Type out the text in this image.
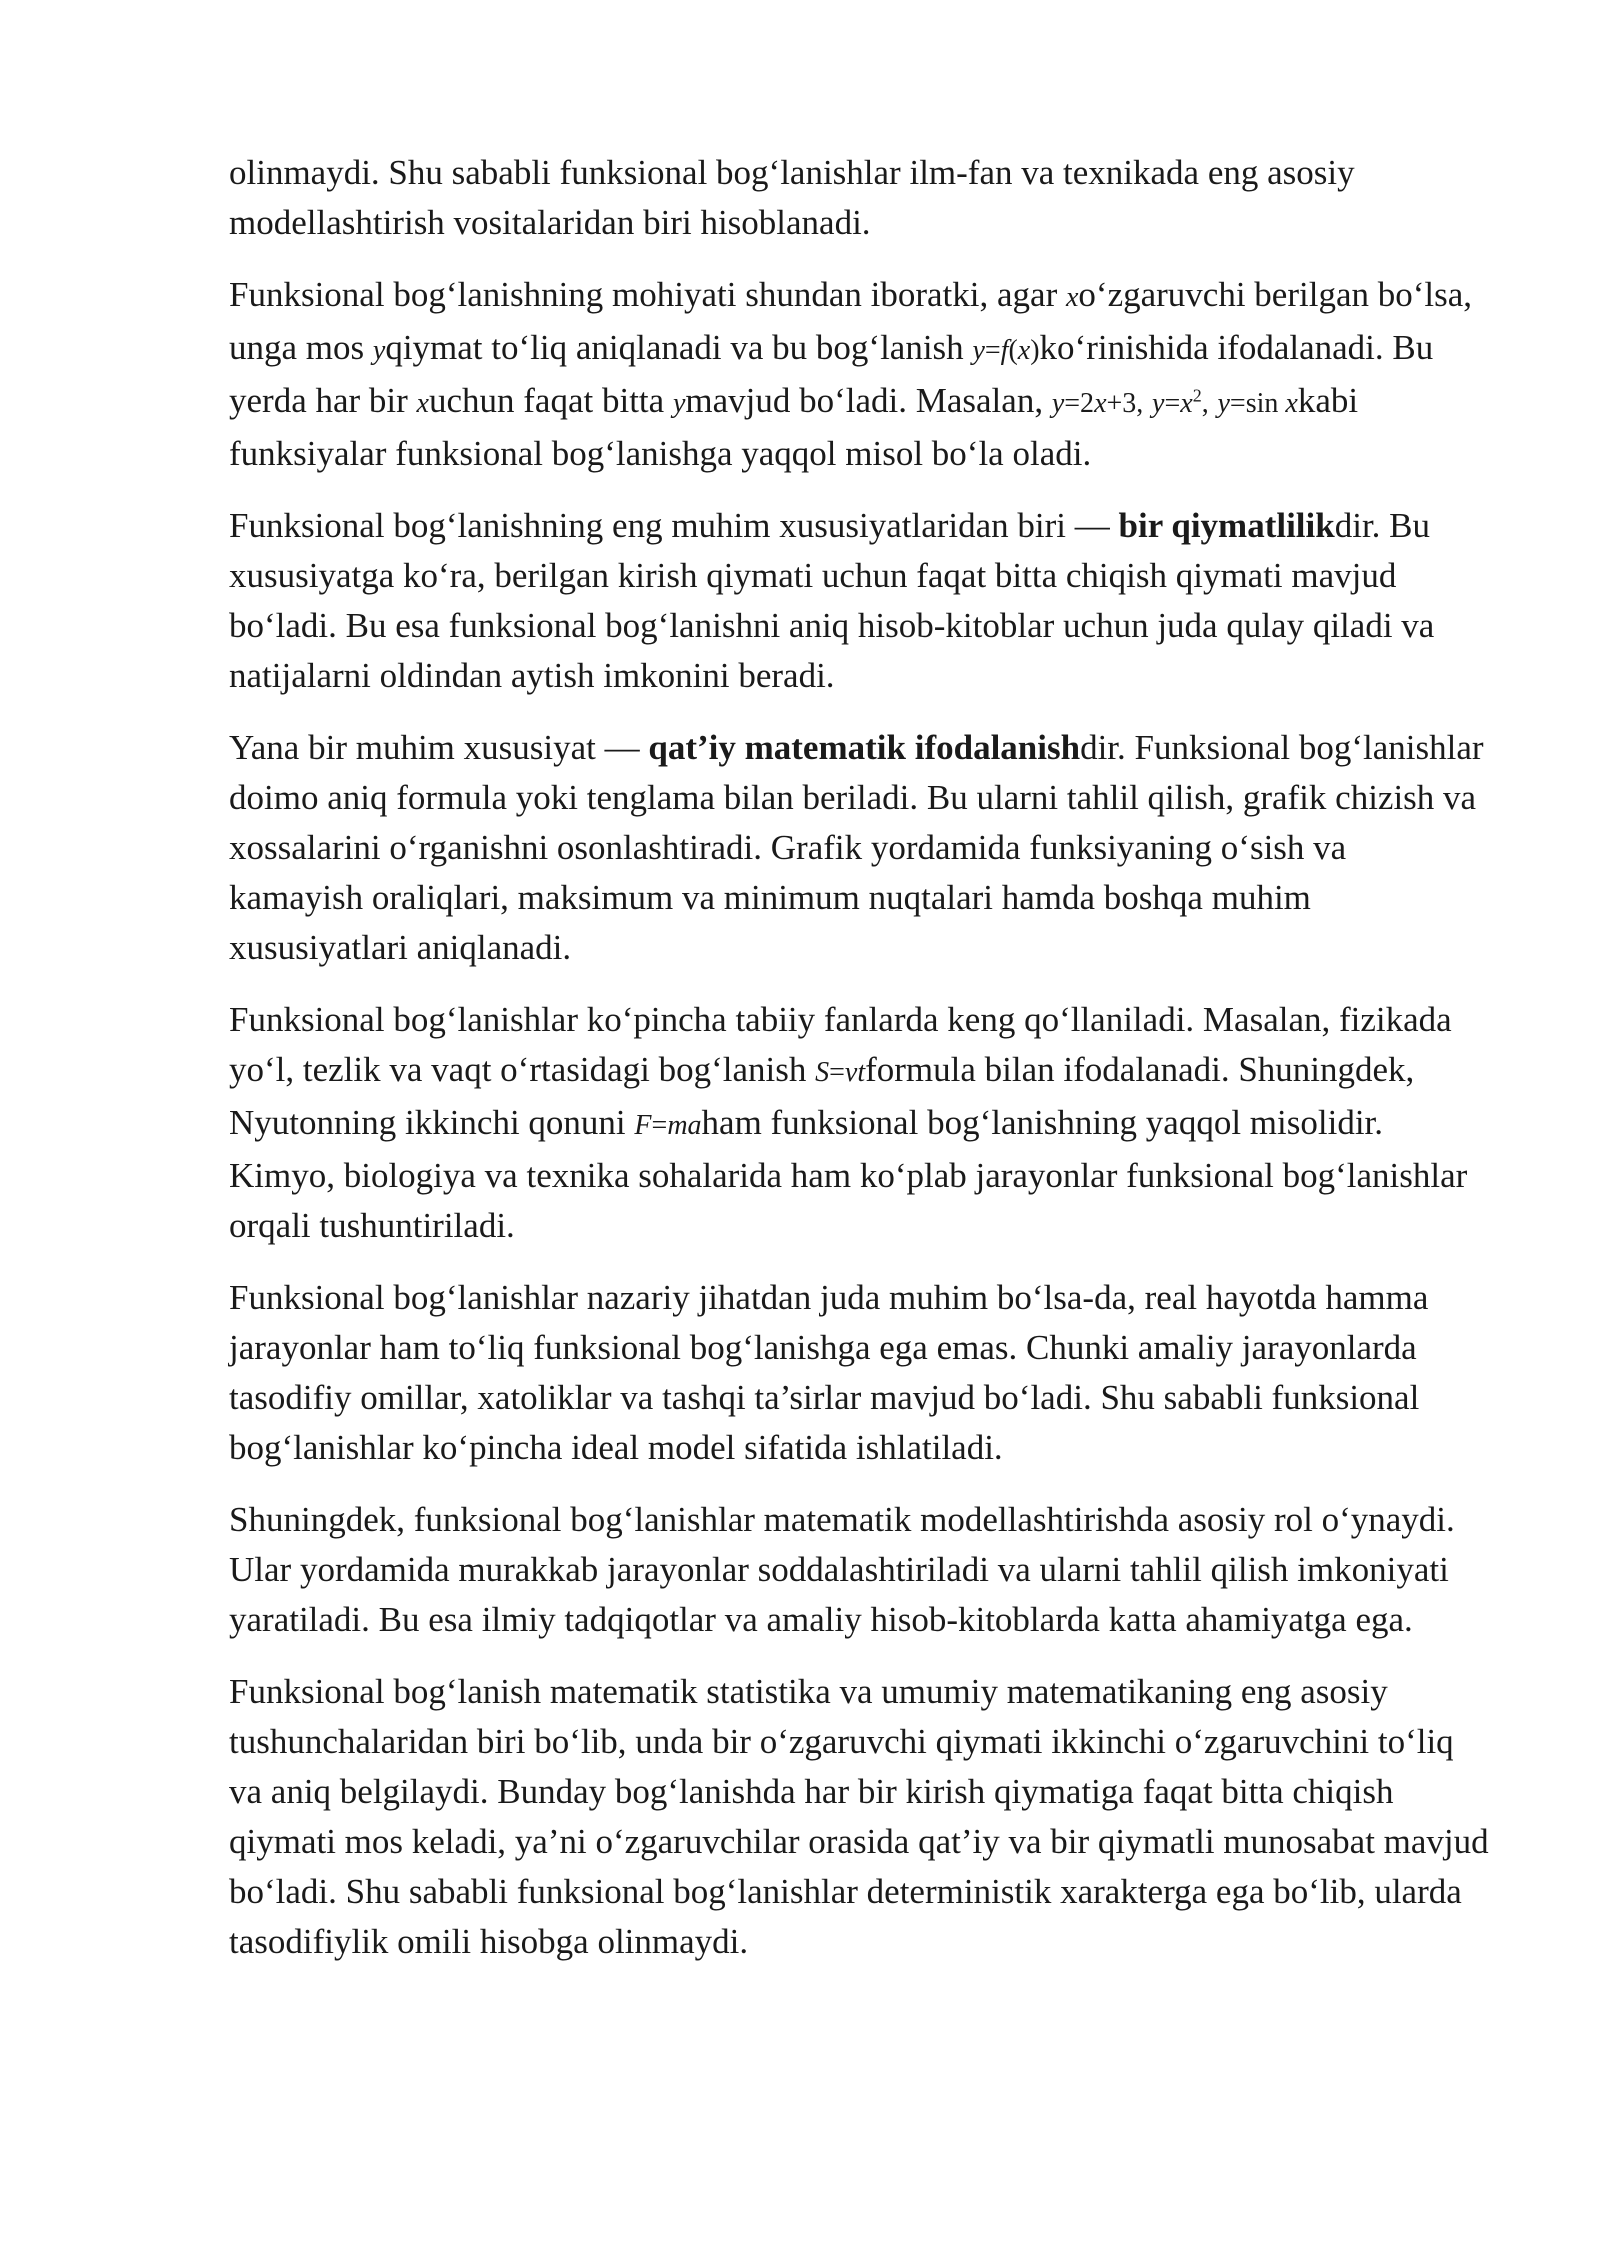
olinmaydi. Shu sababli funksional bog‘lanishlar ilm-fan va texnikada eng asosiy modellashtirish vositalaridan biri hisoblanadi.

Funksional bog‘lanishning mohiyati shundan iboratki, agar xo‘zgaruvchi berilgan bo‘lsa, unga mos yqiymat to‘liq aniqlanadi va bu bog‘lanish y=f(x)ko‘rinishida ifodalanadi. Bu yerda har bir xuchun faqat bitta ymavjud bo‘ladi. Masalan, y=2x+3, $y=x^2$, y=sin xkabi funksiyalar funksional bog‘lanishga yaqqol misol bo‘la oladi.

Funksional bog‘lanishning eng muhim xususiyatlaridan biri — bir qiymatlilikdir. Bu xususiyatga ko‘ra, berilgan kirish qiymati uchun faqat bitta chiqish qiymati mavjud bo‘ladi. Bu esa funksional bog‘lanishni aniq hisob-kitoblar uchun juda qulay qiladi va natijalarni oldindan aytish imkonini beradi.

Yana bir muhim xususiyat — qat’iy matematik ifodalanishdir. Funksional bog‘lanishlar doimo aniq formula yoki tenglama bilan beriladi. Bu ularni tahlil qilish, grafik chizish va xossalarini o‘rganishni osonlashtiradi. Grafik yordamida funksiyaning o‘sish va kamayish oraliqlari, maksimum va minimum nuqtalari hamda boshqa muhim xususiyatlari aniqlanadi.

Funksional bog‘lanishlar ko‘pincha tabiiy fanlarda keng qo‘llaniladi. Masalan, fizikada yo‘l, tezlik va vaqt o‘rtasidagi bog‘lanish S=vtformula bilan ifodalanadi. Shuningdek, Nyutonning ikkinchi qonuni F=maham funksional bog‘lanishning yaqqol misolidir. Kimyo, biologiya va texnika sohalarida ham ko‘plab jarayonlar funksional bog‘lanishlar orqali tushuntiriladi.

Funksional bog‘lanishlar nazariy jihatdan juda muhim bo‘lsa-da, real hayotda hamma jarayonlar ham to‘liq funksional bog‘lanishga ega emas. Chunki amaliy jarayonlarda tasodifiy omillar, xatoliklar va tashqi ta’sirlar mavjud bo‘ladi. Shu sababli funksional bog‘lanishlar ko‘pincha ideal model sifatida ishlatiladi.

Shuningdek, funksional bog‘lanishlar matematik modellashtirishda asosiy rol o‘ynaydi. Ular yordamida murakkab jarayonlar soddalashtiriladi va ularni tahlil qilish imkoniyati yaratiladi. Bu esa ilmiy tadqiqotlar va amaliy hisob-kitoblarda katta ahamiyatga ega.

Funksional bog‘lanish matematik statistika va umumiy matematikaning eng asosiy tushunchalaridan biri bo‘lib, unda bir o‘zgaruvchi qiymati ikkinchi o‘zgaruvchini to‘liq va aniq belgilaydi. Bunday bog‘lanishda har bir kirish qiymatiga faqat bitta chiqish qiymati mos keladi, ya’ni o‘zgaruvchilar orasida qat’iy va bir qiymatli munosabat mavjud bo‘ladi. Shu sababli funksional bog‘lanishlar deterministik xarakterga ega bo‘lib, ularda tasodifiylik omili hisobga olinmaydi.
